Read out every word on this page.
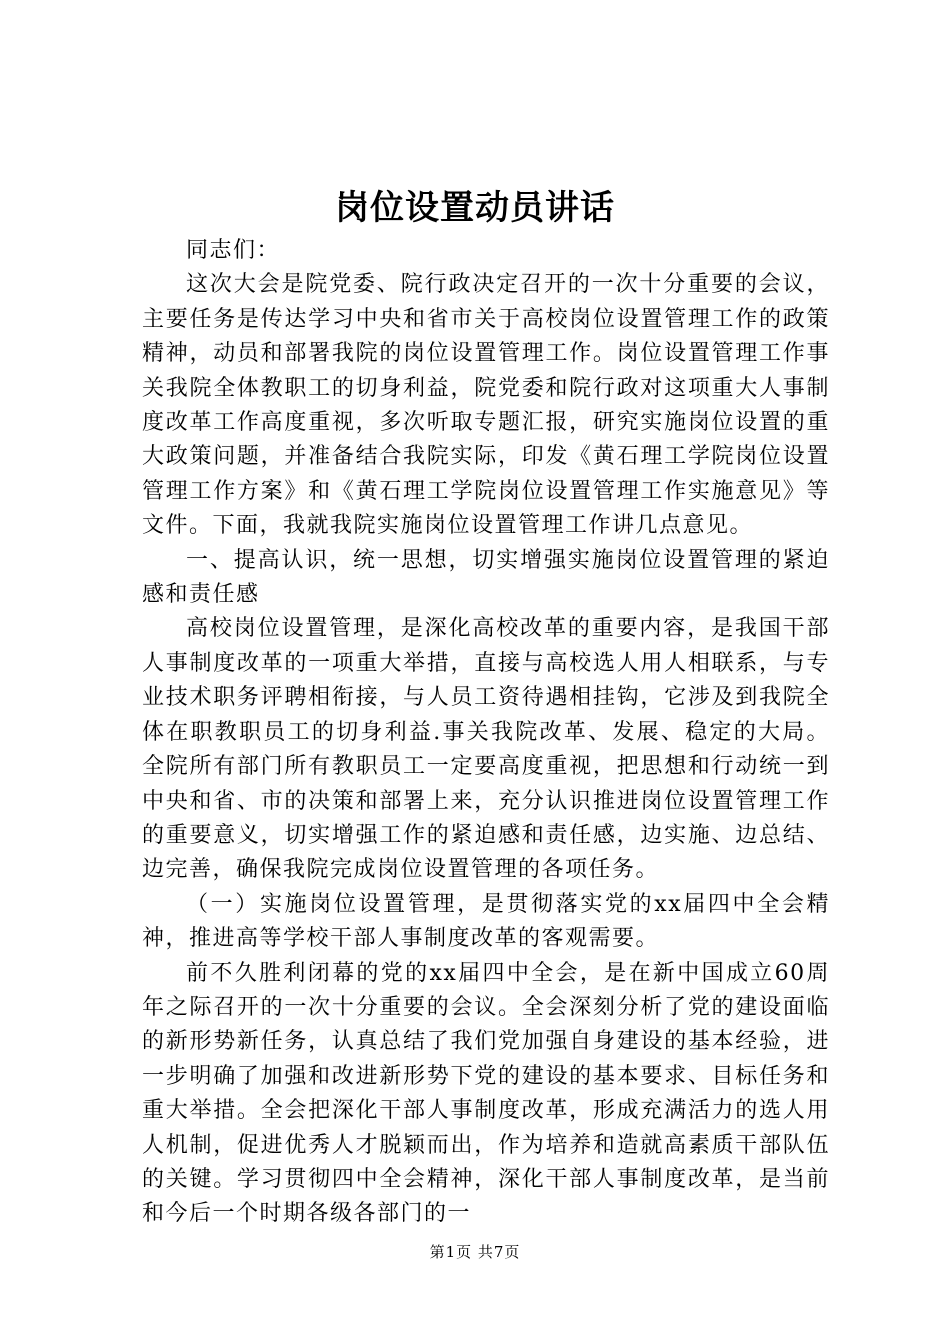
岗位设置动员讲话

同志们：

这次大会是院党委、院行政决定召开的一次十分重要的会议，主要任务是传达学习中央和省市关于高校岗位设置管理工作的政策精神，动员和部署我院的岗位设置管理工作。岗位设置管理工作事关我院全体教职工的切身利益，院党委和院行政对这项重大人事制度改革工作高度重视，多次听取专题汇报，研究实施岗位设置的重大政策问题，并准备结合我院实际，印发《黄石理工学院岗位设置管理工作方案》和《黄石理工学院岗位设置管理工作实施意见》等文件。下面，我就我院实施岗位设置管理工作讲几点意见。

一、提高认识，统一思想，切实增强实施岗位设置管理的紧迫感和责任感

高校岗位设置管理，是深化高校改革的重要内容，是我国干部人事制度改革的一项重大举措，直接与高校选人用人相联系，与专业技术职务评聘相衔接，与人员工资待遇相挂钩，它涉及到我院全体在职教职员工的切身利益.事关我院改革、发展、稳定的大局。全院所有部门所有教职员工一定要高度重视，把思想和行动统一到中央和省、市的决策和部署上来，充分认识推进岗位设置管理工作的重要意义，切实增强工作的紧迫感和责任感，边实施、边总结、边完善，确保我院完成岗位设置管理的各项任务。

（一）实施岗位设置管理，是贯彻落实党的xx届四中全会精神，推进高等学校干部人事制度改革的客观需要。

前不久胜利闭幕的党的xx届四中全会，是在新中国成立60周年之际召开的一次十分重要的会议。全会深刻分析了党的建设面临的新形势新任务，认真总结了我们党加强自身建设的基本经验，进一步明确了加强和改进新形势下党的建设的基本要求、目标任务和重大举措。全会把深化干部人事制度改革，形成充满活力的选人用人机制，促进优秀人才脱颖而出，作为培养和造就高素质干部队伍的关键。学习贯彻四中全会精神，深化干部人事制度改革，是当前和今后一个时期各级各部门的一

第1页 共7页
